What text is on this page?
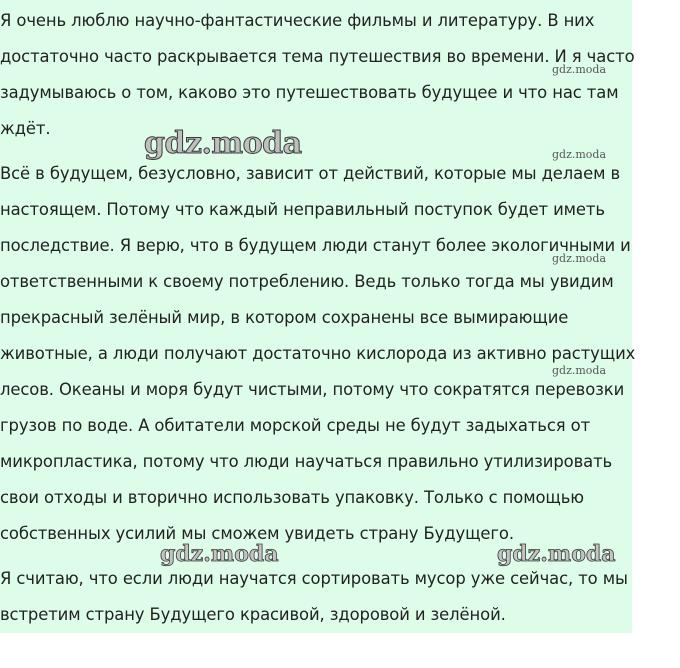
Я очень люблю научно-фантастические фильмы и литературу. В них
достаточно часто раскрывается тема путешествия во времени. И я часто
задумываюсь о том, каково это путешествовать будущее и что нас там
ждёт.
Всё в будущем, безусловно, зависит от действий, которые мы делаем в
настоящем. Потому что каждый неправильный поступок будет иметь
последствие. Я верю, что в будущем люди станут более экологичными и
ответственными к своему потреблению. Ведь только тогда мы увидим
прекрасный зелёный мир, в котором сохранены все вымирающие
животные, а люди получают достаточно кислорода из активно растущих
лесов. Океаны и моря будут чистыми, потому что сократятся перевозки
грузов по воде. А обитатели морской среды не будут задыхаться от
микропластика, потому что люди научаться правильно утилизировать
свои отходы и вторично использовать упаковку. Только с помощью
собственных усилий мы сможем увидеть страну Будущего.
Я считаю, что если люди научатся сортировать мусор уже сейчас, то мы
встретим страну Будущего красивой, здоровой и зелёной.
gdz.moda
gdz.moda	gdz.moda
gdz.moda
gdz.moda
gdz.moda	gdz.moda
